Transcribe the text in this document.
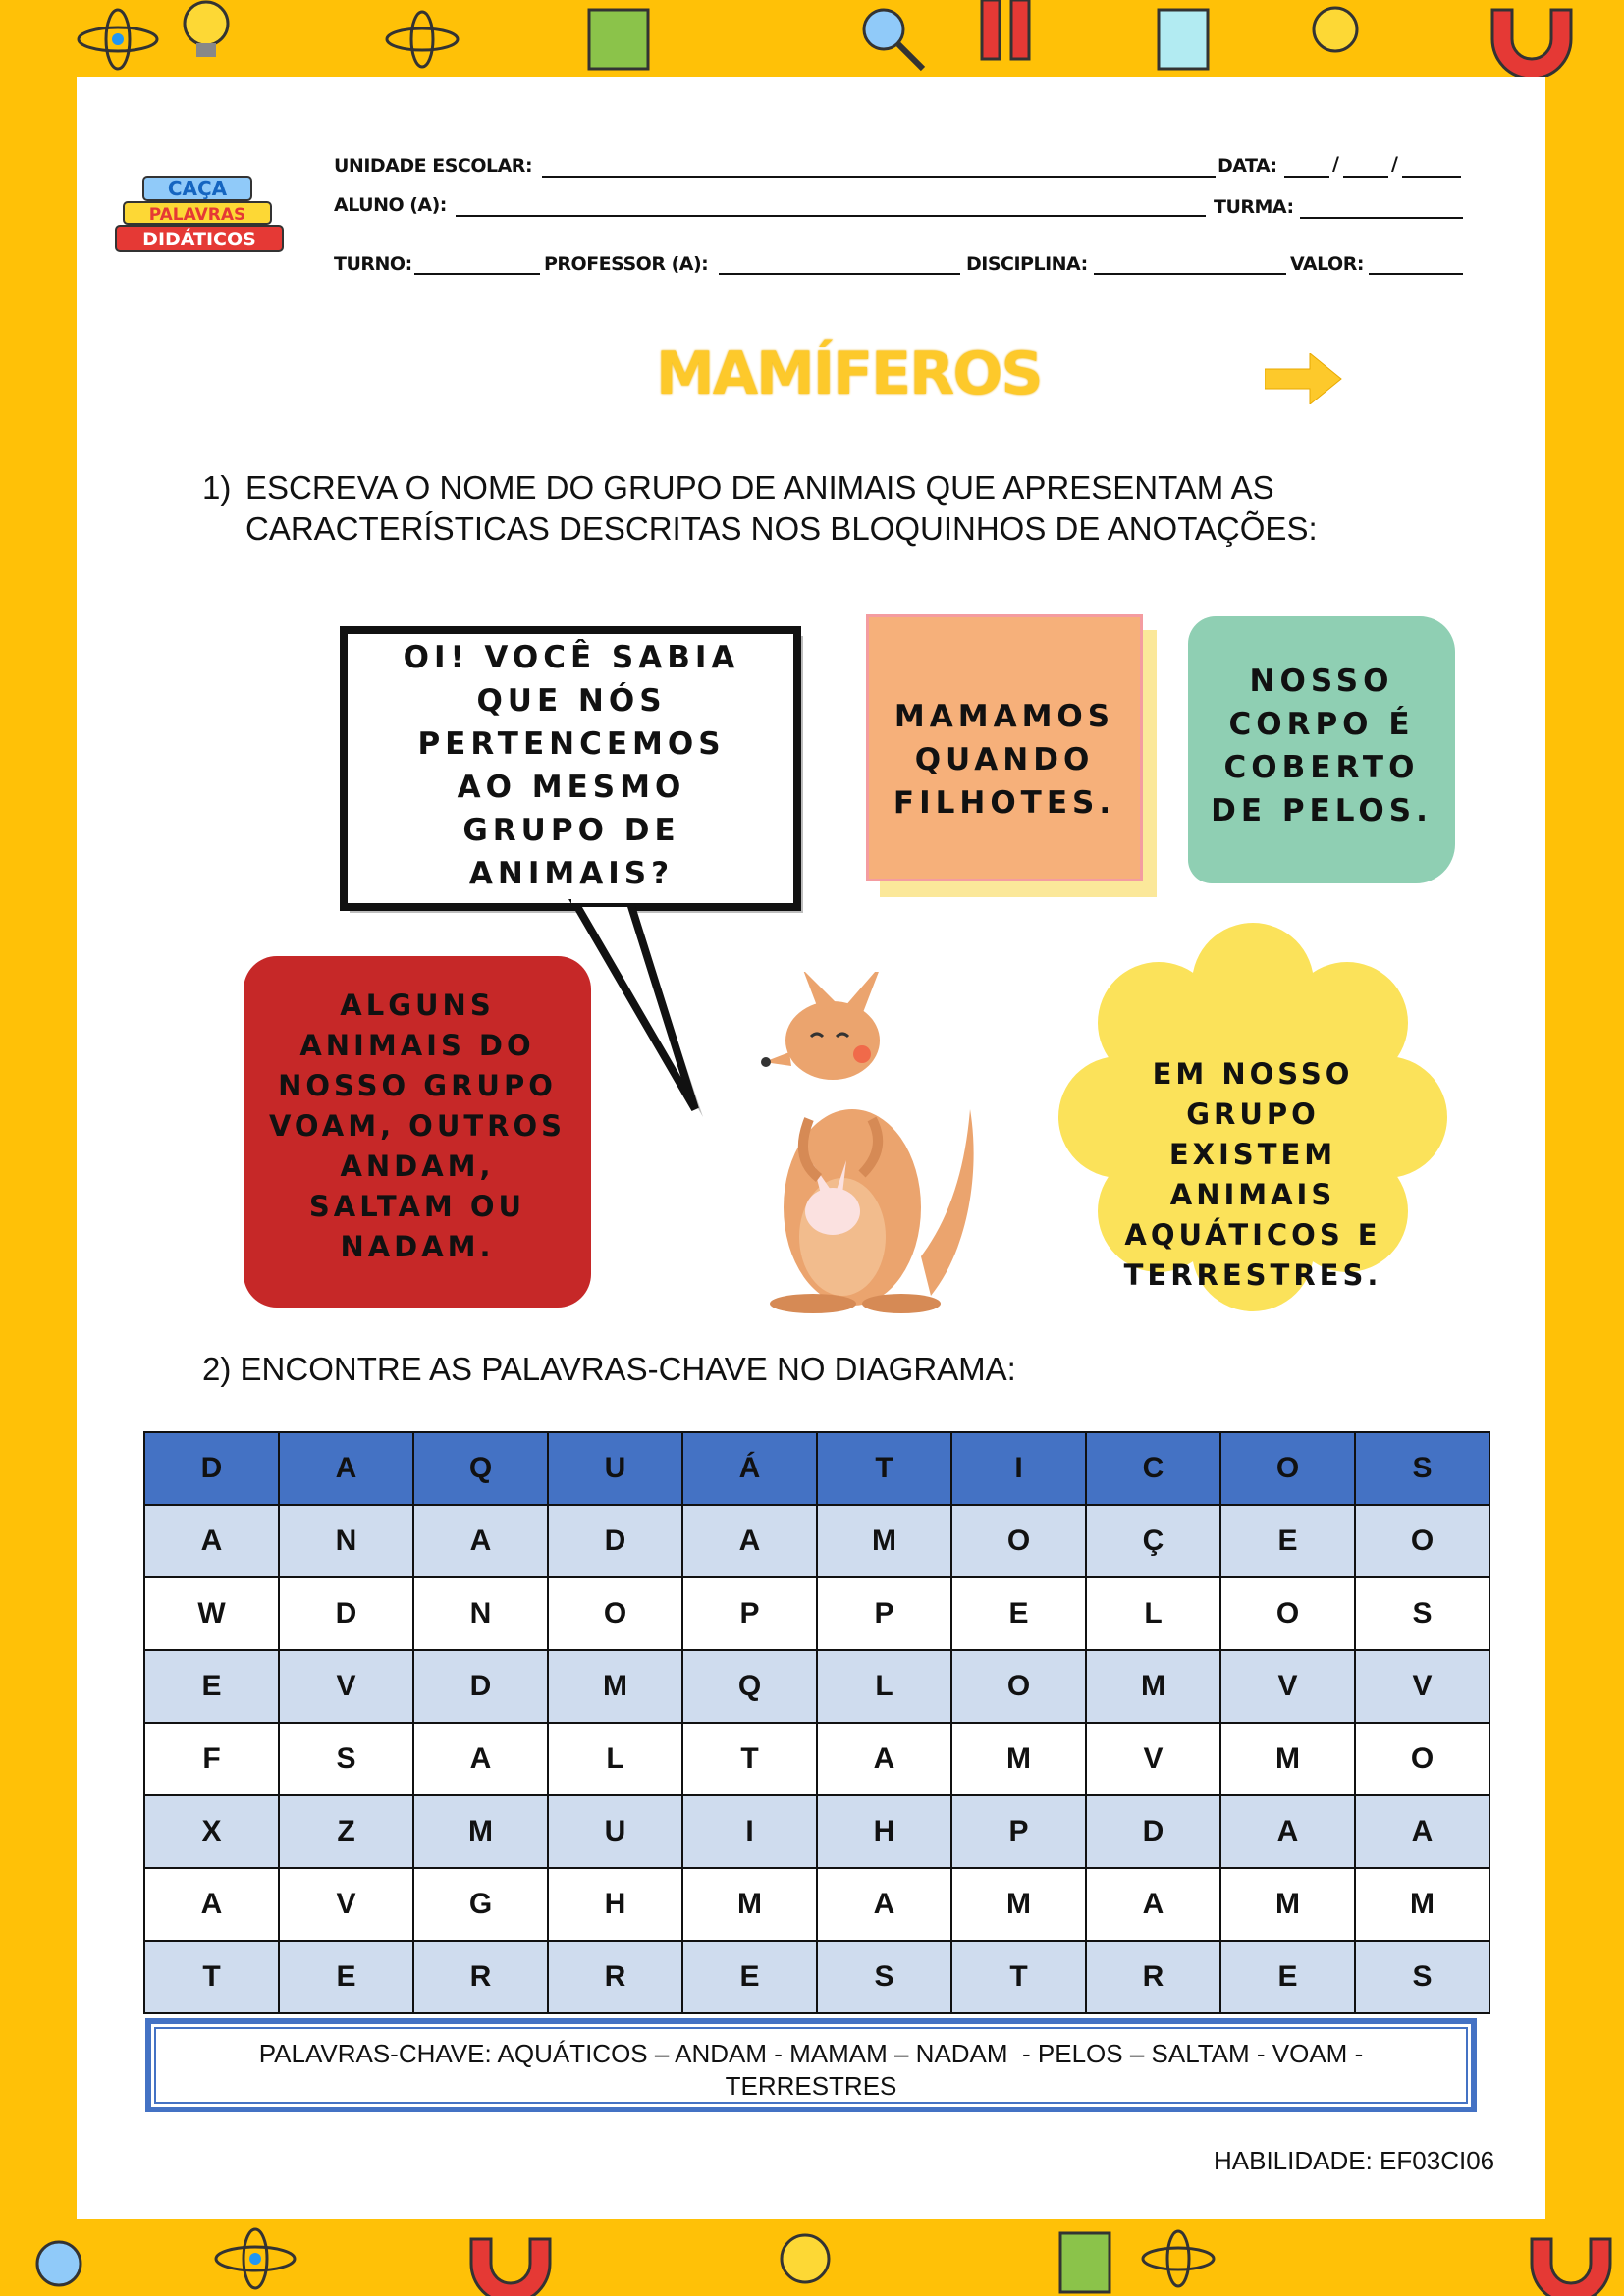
CAÇA
PALAVRAS
DIDÁTICOS
UNIDADE ESCOLAR:	DATA:	/	/
ALUNO (A):	TURMA:
TURNO:	PROFESSOR (A):	DISCIPLINA:	VALOR:
MAMÍFEROS
1) ESCREVA O NOME DO GRUPO DE ANIMAIS QUE APRESENTAM AS
CARACTERÍSTICAS DESCRITAS NOS BLOQUINHOS DE ANOTAÇÕES:
OI! VOCÊ SABIA
QUE NÓS
PERTENCEMOS
AO MESMO
GRUPO DE
ANIMAIS?
MAMAMOS
QUANDO
FILHOTES.
NOSSO
CORPO É
COBERTO
DE PELOS.
ALGUNS
ANIMAIS DO
NOSSO GRUPO
VOAM, OUTROS
ANDAM,
SALTAM OU
NADAM.
EM NOSSO
GRUPO
EXISTEM
ANIMAIS
AQUÁTICOS E
TERRESTRES.
2) ENCONTRE AS PALAVRAS-CHAVE NO DIAGRAMA:
D	A	Q	U	Á	T	I	C	O	S
A	N	A	D	A	M	O	Ç	E	O
W	D	N	O	P	P	E	L	O	S
E	V	D	M	Q	L	O	M	V	V
F	S	A	L	T	A	M	V	M	O
X	Z	M	U	I	H	P	D	A	A
A	V	G	H	M	A	M	A	M	M
T	E	R	R	E	S	T	R	E	S
PALAVRAS-CHAVE: AQUÁTICOS – ANDAM - MAMAM – NADAM  - PELOS – SALTAM - VOAM -
TERRESTRES
HABILIDADE: EF03CI06
